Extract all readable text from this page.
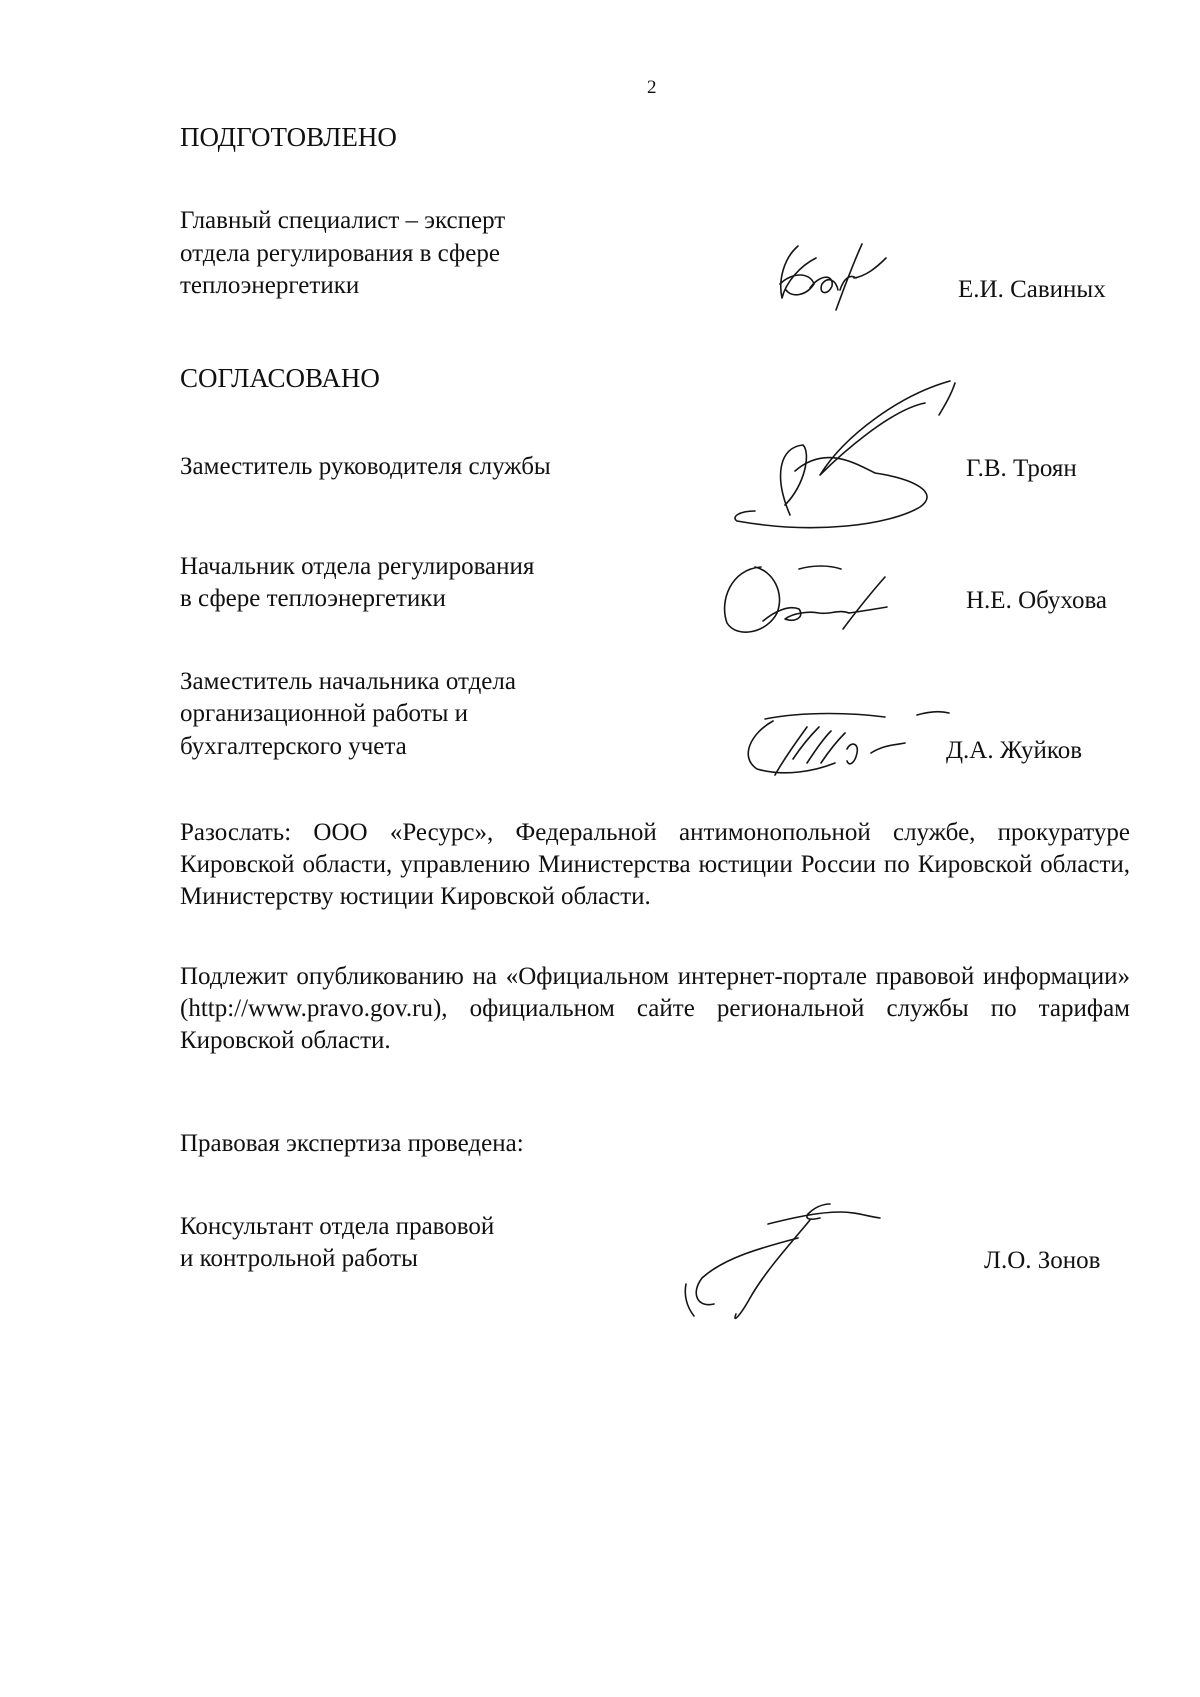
2
ПОДГОТОВЛЕНО
Главный специалист – эксперт
отдела регулирования в сфере
теплоэнергетики	Е.И. Савиных
СОГЛАСОВАНО
Заместитель руководителя службы	Г.В. Троян
Начальник отдела регулирования
в сфере теплоэнергетики	Н.Е. Обухова
Заместитель начальника отдела
организационной работы и
бухгалтерского учета	Д.А. Жуйков
Разослать: ООО «Ресурс», Федеральной антимонопольной службе, прокуратуре Кировской области, управлению Министерства юстиции России по Кировской области, Министерству юстиции Кировской области.
Подлежит опубликованию на «Официальном интернет-портале правовой информации» (http://www.pravo.gov.ru), официальном сайте региональной службы по тарифам Кировской области.
Правовая экспертиза проведена:
Консультант отдела правовой
и контрольной работы	Л.О. Зонов
